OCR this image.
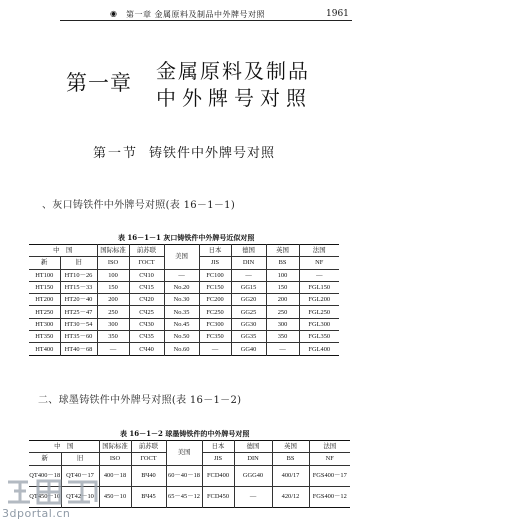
◉ 第一章 金属原料及制品中外牌号对照	1961
第一章 金属原料及制品
中外牌号对照
第一节 铸铁件中外牌号对照
、灰口铸铁件中外牌号对照(表 16－1－1)
表 16－1－1 灰口铸铁件中外牌号近似对照
中　国		国际标准	前苏联	美国	日本	德国	英国	法国
新	旧	ISO	ГОСТ		JIS	DIN	BS	NF
HT100	HT10－26	100	СЧ10	—	FC100	—	100	—
HT150	HT15－33	150	СЧ15	No.20	FC150	GG15	150	FGL150
HT200	HT20－40	200	СЧ20	No.30	FC200	GG20	200	FGL200
HT250	HT25－47	250	СЧ25	No.35	FC250	GG25	250	FGL250
HT300	HT30－54	300	СЧ30	No.45	FC300	GG30	300	FGL300
HT350	HT35－60	350	СЧ35	No.50	FC350	GG35	350	FGL350
HT400	HT40－68	—	СЧ40	No.60	—	GG40	—	FGL400
二、球墨铸铁件中外牌号对照(表 16－1－2)
表 16－1－2 球墨铸铁件的中外牌号对照
中　国		国际标准	前苏联	美国	日本	德国	英国	法国
新	旧	ISO	ГОСТ		JIS	DIN	BS	NF
QT400－18	QT40－17	400－18	ВЧ40	60－40－18	FCD400	GGG40	400/17	FGS400－17
QT450－10	QT42－10	450－10	ВЧ45	65－45－12	FCD450	—	420/12	FGS400－12
3dportal.cn
